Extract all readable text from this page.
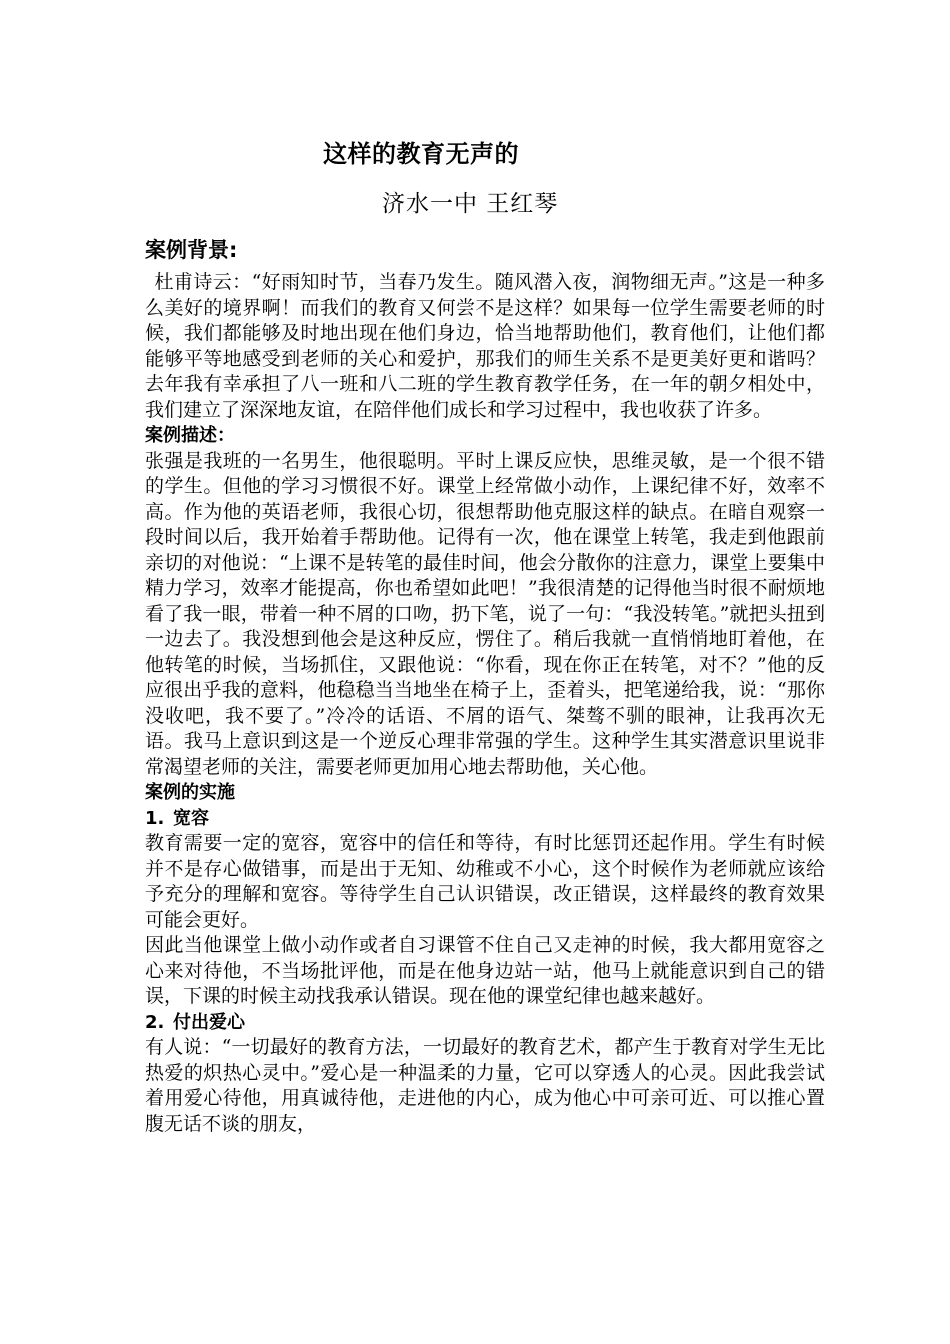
这样的教育无声的
济水一中 王红琴
案例背景:

杜甫诗云：“好雨知时节，当春乃发生。随风潜入夜，润物细无声。”这是一种多么美好的境界啊！而我们的教育又何尝不是这样？如果每一位学生需要老师的时候，我们都能够及时地出现在他们身边，恰当地帮助他们，教育他们，让他们都能够平等地感受到老师的关心和爱护，那我们的师生关系不是更美好更和谐吗？去年我有幸承担了八一班和八二班的学生教育教学任务，在一年的朝夕相处中，我们建立了深深地友谊，在陪伴他们成长和学习过程中，我也收获了许多。

案例描述：

张强是我班的一名男生，他很聪明。平时上课反应快，思维灵敏，是一个很不错的学生。但他的学习习惯很不好。课堂上经常做小动作，上课纪律不好，效率不高。作为他的英语老师，我很心切，很想帮助他克服这样的缺点。在暗自观察一段时间以后，我开始着手帮助他。记得有一次，他在课堂上转笔，我走到他跟前亲切的对他说：“上课不是转笔的最佳时间，他会分散你的注意力，课堂上要集中精力学习，效率才能提高，你也希望如此吧！”我很清楚的记得他当时很不耐烦地看了我一眼，带着一种不屑的口吻，扔下笔，说了一句：“我没转笔。”就把头扭到一边去了。我没想到他会是这种反应，愣住了。稍后我就一直悄悄地盯着他，在他转笔的时候，当场抓住，又跟他说：“你看，现在你正在转笔，对不？”他的反应很出乎我的意料，他稳稳当当地坐在椅子上，歪着头，把笔递给我，说：“那你没收吧，我不要了。”冷冷的话语、不屑的语气、桀骜不驯的眼神，让我再次无语。我马上意识到这是一个逆反心理非常强的学生。这种学生其实潜意识里说非常渴望老师的关注，需要老师更加用心地去帮助他，关心他。

案例的实施
1. 宽容

教育需要一定的宽容，宽容中的信任和等待，有时比惩罚还起作用。学生有时候并不是存心做错事，而是出于无知、幼稚或不小心，这个时候作为老师就应该给予充分的理解和宽容。等待学生自己认识错误，改正错误，这样最终的教育效果可能会更好。

因此当他课堂上做小动作或者自习课管不住自己又走神的时候，我大都用宽容之心来对待他，不当场批评他，而是在他身边站一站，他马上就能意识到自己的错误，下课的时候主动找我承认错误。现在他的课堂纪律也越来越好。

2. 付出爱心

有人说：“一切最好的教育方法，一切最好的教育艺术，都产生于教育对学生无比热爱的炽热心灵中。”爱心是一种温柔的力量，它可以穿透人的心灵。因此我尝试着用爱心待他，用真诚待他，走进他的内心，成为他心中可亲可近、可以推心置腹无话不谈的朋友，
